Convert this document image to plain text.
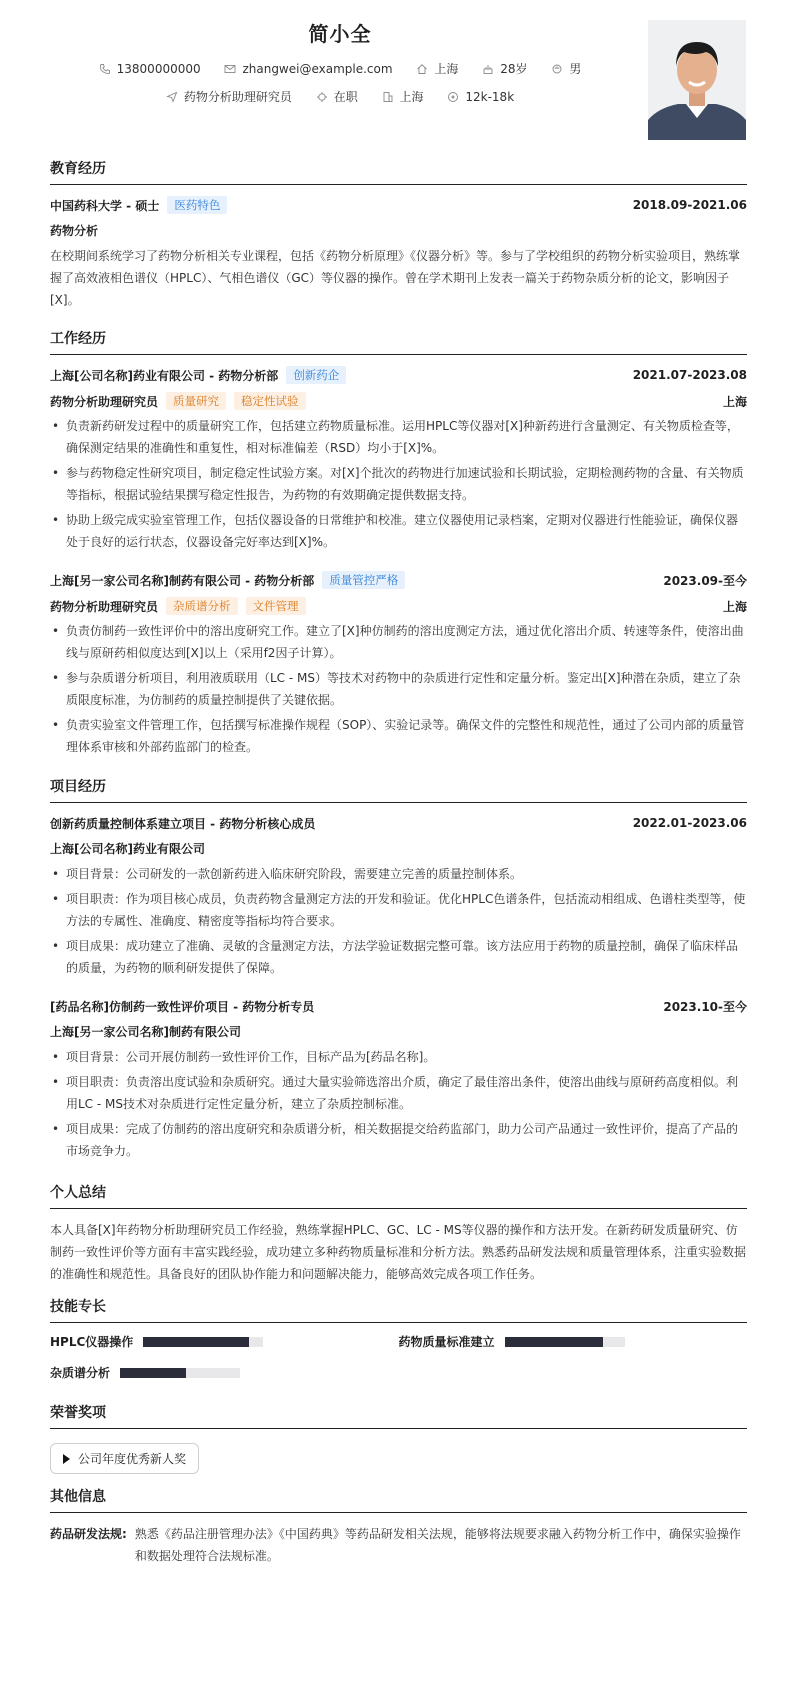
简小全
13800000000	zhangwei@example.com	上海	28岁	男
药物分析助理研究员	在职	上海	12k-18k
教育经历
中国药科大学 - 硕士	医药特色	2018.09-2021.06
药物分析
在校期间系统学习了药物分析相关专业课程，包括《药物分析原理》《仪器分析》等。参与了学校组织的药物分析实验项目，熟练掌握了高效液相色谱仪（HPLC）、气相色谱仪（GC）等仪器的操作。曾在学术期刊上发表一篇关于药物杂质分析的论文，影响因子[X]。
工作经历
上海[公司名称]药业有限公司 - 药物分析部	创新药企	2021.07-2023.08
药物分析助理研究员	质量研究	稳定性试验	上海
• 负责新药研发过程中的质量研究工作，包括建立药物质量标准。运用HPLC等仪器对[X]种新药进行含量测定、有关物质检查等，确保测定结果的准确性和重复性，相对标准偏差（RSD）均小于[X]%。
• 参与药物稳定性研究项目，制定稳定性试验方案。对[X]个批次的药物进行加速试验和长期试验，定期检测药物的含量、有关物质等指标，根据试验结果撰写稳定性报告，为药物的有效期确定提供数据支持。
• 协助上级完成实验室管理工作，包括仪器设备的日常维护和校准。建立仪器使用记录档案，定期对仪器进行性能验证，确保仪器处于良好的运行状态，仪器设备完好率达到[X]%。
上海[另一家公司名称]制药有限公司 - 药物分析部	质量管控严格	2023.09-至今
药物分析助理研究员	杂质谱分析	文件管理	上海
• 负责仿制药一致性评价中的溶出度研究工作。建立了[X]种仿制药的溶出度测定方法，通过优化溶出介质、转速等条件，使溶出曲线与原研药相似度达到[X]以上（采用f2因子计算）。
• 参与杂质谱分析项目，利用液质联用（LC - MS）等技术对药物中的杂质进行定性和定量分析。鉴定出[X]种潜在杂质，建立了杂质限度标准，为仿制药的质量控制提供了关键依据。
• 负责实验室文件管理工作，包括撰写标准操作规程（SOP）、实验记录等。确保文件的完整性和规范性，通过了公司内部的质量管理体系审核和外部药监部门的检查。
项目经历
创新药质量控制体系建立项目 - 药物分析核心成员	2022.01-2023.06
上海[公司名称]药业有限公司
• 项目背景：公司研发的一款创新药进入临床研究阶段，需要建立完善的质量控制体系。
• 项目职责：作为项目核心成员，负责药物含量测定方法的开发和验证。优化HPLC色谱条件，包括流动相组成、色谱柱类型等，使方法的专属性、准确度、精密度等指标均符合要求。
• 项目成果：成功建立了准确、灵敏的含量测定方法，方法学验证数据完整可靠。该方法应用于药物的质量控制，确保了临床样品的质量，为药物的顺利研发提供了保障。
[药品名称]仿制药一致性评价项目 - 药物分析专员	2023.10-至今
上海[另一家公司名称]制药有限公司
• 项目背景：公司开展仿制药一致性评价工作，目标产品为[药品名称]。
• 项目职责：负责溶出度试验和杂质研究。通过大量实验筛选溶出介质，确定了最佳溶出条件，使溶出曲线与原研药高度相似。利用LC - MS技术对杂质进行定性定量分析，建立了杂质控制标准。
• 项目成果：完成了仿制药的溶出度研究和杂质谱分析，相关数据提交给药监部门，助力公司产品通过一致性评价，提高了产品的市场竞争力。
个人总结
本人具备[X]年药物分析助理研究员工作经验，熟练掌握HPLC、GC、LC - MS等仪器的操作和方法开发。在新药研发质量研究、仿制药一致性评价等方面有丰富实践经验，成功建立多种药物质量标准和分析方法。熟悉药品研发法规和质量管理体系，注重实验数据的准确性和规范性。具备良好的团队协作能力和问题解决能力，能够高效完成各项工作任务。
技能专长
HPLC仪器操作	药物质量标准建立
杂质谱分析
荣誉奖项
公司年度优秀新人奖
其他信息
药品研发法规: 熟悉《药品注册管理办法》《中国药典》等药品研发相关法规，能够将法规要求融入药物分析工作中，确保实验操作和数据处理符合法规标准。
